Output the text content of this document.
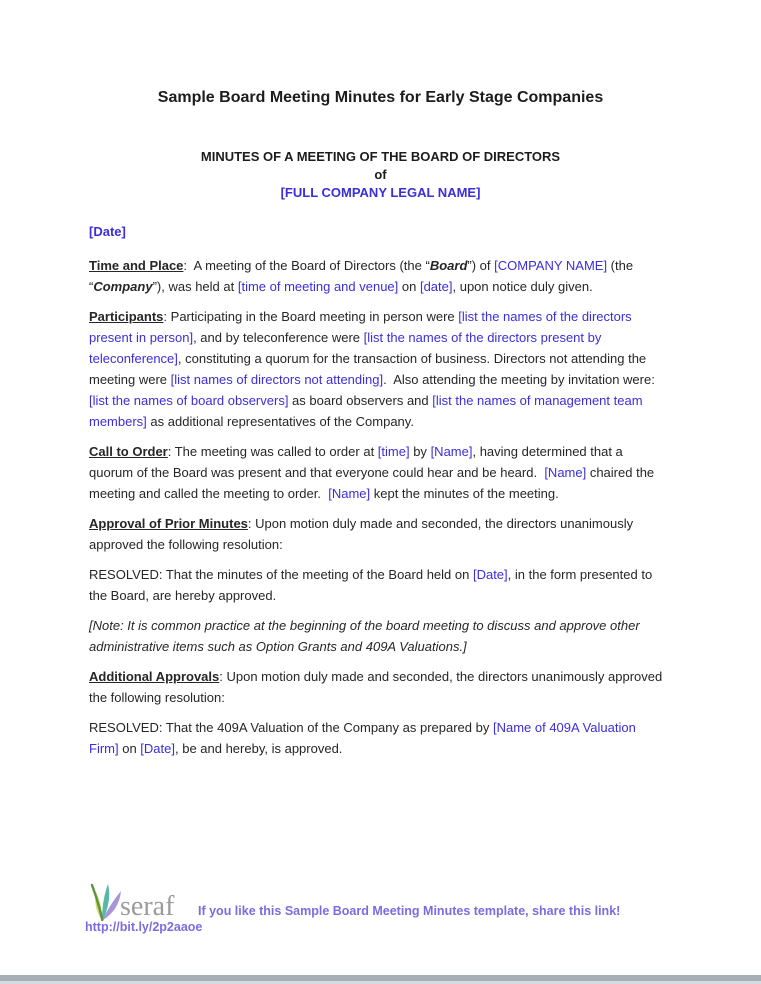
Sample Board Meeting Minutes for Early Stage Companies
MINUTES OF A MEETING OF THE BOARD OF DIRECTORS
of
[FULL COMPANY LEGAL NAME]

[Date]

Time and Place:  A meeting of the Board of Directors (the “Board”) of [COMPANY NAME] (the “Company”), was held at [time of meeting and venue] on [date], upon notice duly given.

Participants: Participating in the Board meeting in person were [list the names of the directors present in person], and by teleconference were [list the names of the directors present by teleconference], constituting a quorum for the transaction of business. Directors not attending the meeting were [list names of directors not attending].  Also attending the meeting by invitation were: [list the names of board observers] as board observers and [list the names of management team members] as additional representatives of the Company.

Call to Order: The meeting was called to order at [time] by [Name], having determined that a quorum of the Board was present and that everyone could hear and be heard.  [Name] chaired the meeting and called the meeting to order.  [Name] kept the minutes of the meeting.

Approval of Prior Minutes: Upon motion duly made and seconded, the directors unanimously approved the following resolution:

RESOLVED: That the minutes of the meeting of the Board held on [Date], in the form presented to the Board, are hereby approved.

[Note: It is common practice at the beginning of the board meeting to discuss and approve other administrative items such as Option Grants and 409A Valuations.]

Additional Approvals: Upon motion duly made and seconded, the directors unanimously approved the following resolution:

RESOLVED: That the 409A Valuation of the Company as prepared by [Name of 409A Valuation Firm] on [Date], be and hereby, is approved.

seraf If you like this Sample Board Meeting Minutes template, share this link!
http://bit.ly/2p2aaoe
